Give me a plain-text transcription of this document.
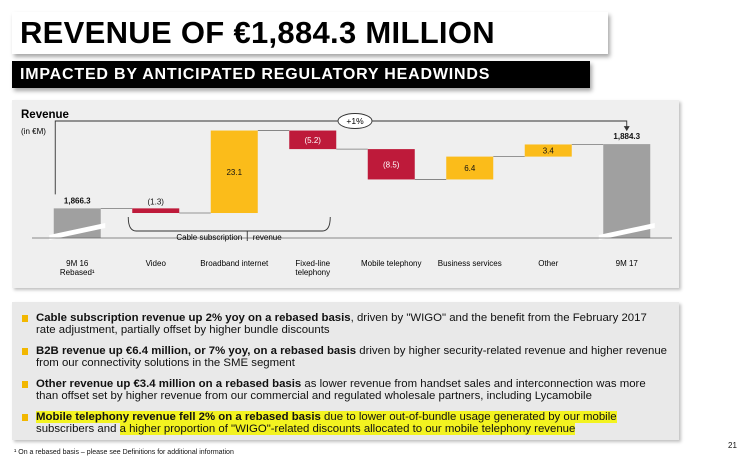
REVENUE OF €1,884.3 MILLION
IMPACTED BY ANTICIPATED REGULATORY HEADWINDS
Revenue
(in €M)
1,866.3	(1.3)
23.1
(5.2)
(8.5)	6.4
3.4
1,884.3
9M 16
Rebased¹
Video	Broadband internet	Fixed-line
telephony
Mobile telephony Business services	Other	9M 17
Cable subscription revenue
+1%
Cable subscription revenue up 2% yoy on a rebased basis, driven by "WIGO" and the benefit from the February 2017 rate adjustment, partially offset by higher bundle discounts
B2B revenue up €6.4 million, or 7% yoy, on a rebased basis driven by higher security-related revenue and higher revenue from our connectivity solutions in the SME segment
Other revenue up €3.4 million on a rebased basis as lower revenue from handset sales and interconnection was more than offset set by higher revenue from our commercial and regulated wholesale partners, including Lycamobile
Mobile telephony revenue fell 2% on a rebased basis due to lower out-of-bundle usage generated by our mobile subscribers and a higher proportion of "WIGO"-related discounts allocated to our mobile telephony revenue
¹ On a rebased basis – please see Definitions for additional information
21
